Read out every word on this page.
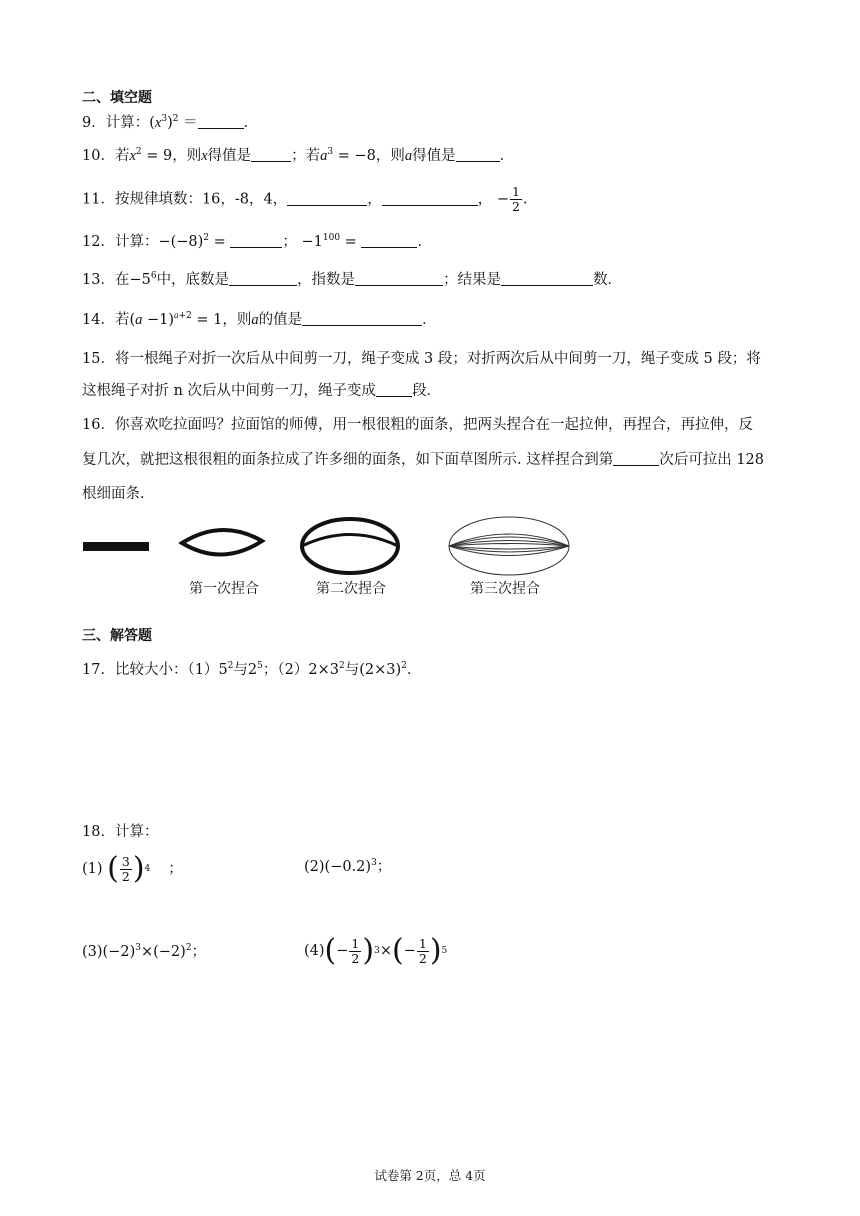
二、填空题
9．计算：$(x^3)^2$ ＝	．
10．若$x^2 = 9$，则x得值是	；若$a^3 = -8$，则a得值是	．
11．按规律填数：16，-8，4，	，	， − $\frac{1}{2}$ ．
12．计算：$-(-8)^2$ =	； $-1^{100}$ =	．
13．在$-5^6$中，底数是	，指数是	；结果是	数．
14．若$(a -1)^{a+2} = 1$，则a的值是	．
15．将一根绳子对折一次后从中间剪一刀，绳子变成 3 段；对折两次后从中间剪一刀，绳子变成 5 段；将
这根绳子对折 n 次后从中间剪一刀，绳子变成 段．
16．你喜欢吃拉面吗？拉面馆的师傅，用一根很粗的面条，把两头捏合在一起拉伸，再捏合，再拉伸，反
复几次，就把这根很粗的面条拉成了许多细的面条，如下面草图所示. 这样捏合到第	次后可拉出 128
根细面条.
第一次捏合	第二次捏合	第三次捏合
三、解答题
17．比较大小：$(1)5^2$与$2^5$；$(2)2\times 3^2$与$(2\times 3)^2$．
18．计算：
(1)
( $\frac{3}{2}$ ) 4 ；	$(2)(-0.2)^3$；
$(3)(-2)^3\times(-2)^2$；	(4) ( − $\frac{1}{2}$ ) 3 × ( − $\frac{1}{2}$ ) 5
试卷第 2页，总 4页
